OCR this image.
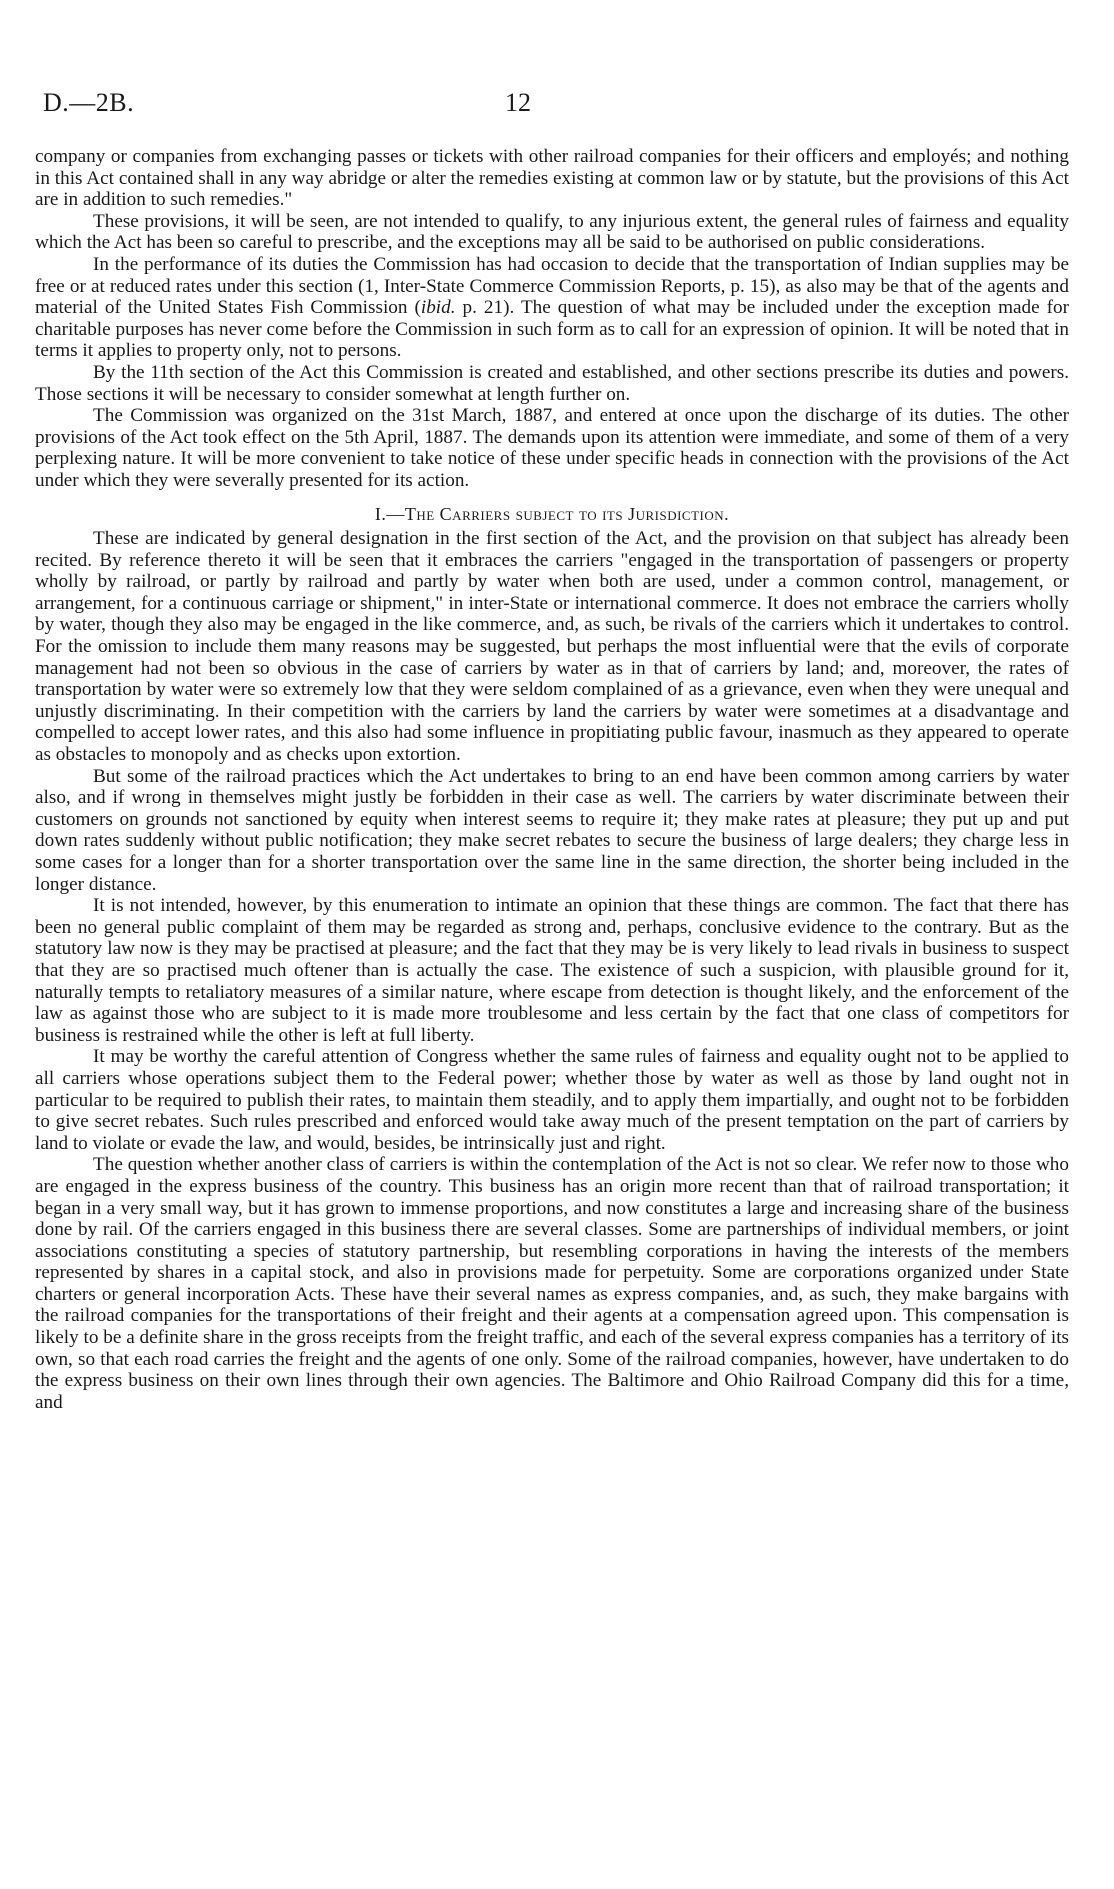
D.—2B.	12

company or companies from exchanging passes or tickets with other railroad companies for their officers and employés; and nothing in this Act contained shall in any way abridge or alter the remedies existing at common law or by statute, but the provisions of this Act are in addition to such remedies."

These provisions, it will be seen, are not intended to qualify, to any injurious extent, the general rules of fairness and equality which the Act has been so careful to prescribe, and the exceptions may all be said to be authorised on public considerations.

In the performance of its duties the Commission has had occasion to decide that the transportation of Indian supplies may be free or at reduced rates under this section (1, Inter-State Commerce Commission Reports, p. 15), as also may be that of the agents and material of the United States Fish Commission (ibid. p. 21). The question of what may be included under the exception made for charitable purposes has never come before the Commission in such form as to call for an expression of opinion. It will be noted that in terms it applies to property only, not to persons.

By the 11th section of the Act this Commission is created and established, and other sections prescribe its duties and powers. Those sections it will be necessary to consider somewhat at length further on.

The Commission was organized on the 31st March, 1887, and entered at once upon the discharge of its duties. The other provisions of the Act took effect on the 5th April, 1887. The demands upon its attention were immediate, and some of them of a very perplexing nature. It will be more convenient to take notice of these under specific heads in connection with the provisions of the Act under which they were severally presented for its action.

I.—The Carriers subject to its Jurisdiction.

These are indicated by general designation in the first section of the Act, and the provision on that subject has already been recited. By reference thereto it will be seen that it embraces the carriers "engaged in the transportation of passengers or property wholly by railroad, or partly by railroad and partly by water when both are used, under a common control, management, or arrangement, for a continuous carriage or shipment," in inter-State or international commerce. It does not embrace the carriers wholly by water, though they also may be engaged in the like commerce, and, as such, be rivals of the carriers which it undertakes to control. For the omission to include them many reasons may be suggested, but perhaps the most influential were that the evils of corporate management had not been so obvious in the case of carriers by water as in that of carriers by land; and, moreover, the rates of transportation by water were so extremely low that they were seldom complained of as a grievance, even when they were unequal and unjustly discriminating. In their competition with the carriers by land the carriers by water were sometimes at a disadvantage and compelled to accept lower rates, and this also had some influence in propitiating public favour, inasmuch as they appeared to operate as obstacles to monopoly and as checks upon extortion.

But some of the railroad practices which the Act undertakes to bring to an end have been common among carriers by water also, and if wrong in themselves might justly be forbidden in their case as well. The carriers by water discriminate between their customers on grounds not sanctioned by equity when interest seems to require it; they make rates at pleasure; they put up and put down rates suddenly without public notification; they make secret rebates to secure the business of large dealers; they charge less in some cases for a longer than for a shorter transportation over the same line in the same direction, the shorter being included in the longer distance.

It is not intended, however, by this enumeration to intimate an opinion that these things are common. The fact that there has been no general public complaint of them may be regarded as strong and, perhaps, conclusive evidence to the contrary. But as the statutory law now is they may be practised at pleasure; and the fact that they may be is very likely to lead rivals in business to suspect that they are so practised much oftener than is actually the case. The existence of such a suspicion, with plausible ground for it, naturally tempts to retaliatory measures of a similar nature, where escape from detection is thought likely, and the enforcement of the law as against those who are subject to it is made more troublesome and less certain by the fact that one class of competitors for business is restrained while the other is left at full liberty.

It may be worthy the careful attention of Congress whether the same rules of fairness and equality ought not to be applied to all carriers whose operations subject them to the Federal power; whether those by water as well as those by land ought not in particular to be required to publish their rates, to maintain them steadily, and to apply them impartially, and ought not to be forbidden to give secret rebates. Such rules prescribed and enforced would take away much of the present temptation on the part of carriers by land to violate or evade the law, and would, besides, be intrinsically just and right.

The question whether another class of carriers is within the contemplation of the Act is not so clear. We refer now to those who are engaged in the express business of the country. This business has an origin more recent than that of railroad transportation; it began in a very small way, but it has grown to immense proportions, and now constitutes a large and increasing share of the business done by rail. Of the carriers engaged in this business there are several classes. Some are partnerships of individual members, or joint associations constituting a species of statutory partnership, but resembling corporations in having the interests of the members represented by shares in a capital stock, and also in provisions made for perpetuity. Some are corporations organized under State charters or general incorporation Acts. These have their several names as express companies, and, as such, they make bargains with the railroad companies for the transportations of their freight and their agents at a compensation agreed upon. This compensation is likely to be a definite share in the gross receipts from the freight traffic, and each of the several express companies has a territory of its own, so that each road carries the freight and the agents of one only. Some of the railroad companies, however, have undertaken to do the express business on their own lines through their own agencies. The Baltimore and Ohio Railroad Company did this for a time, and
